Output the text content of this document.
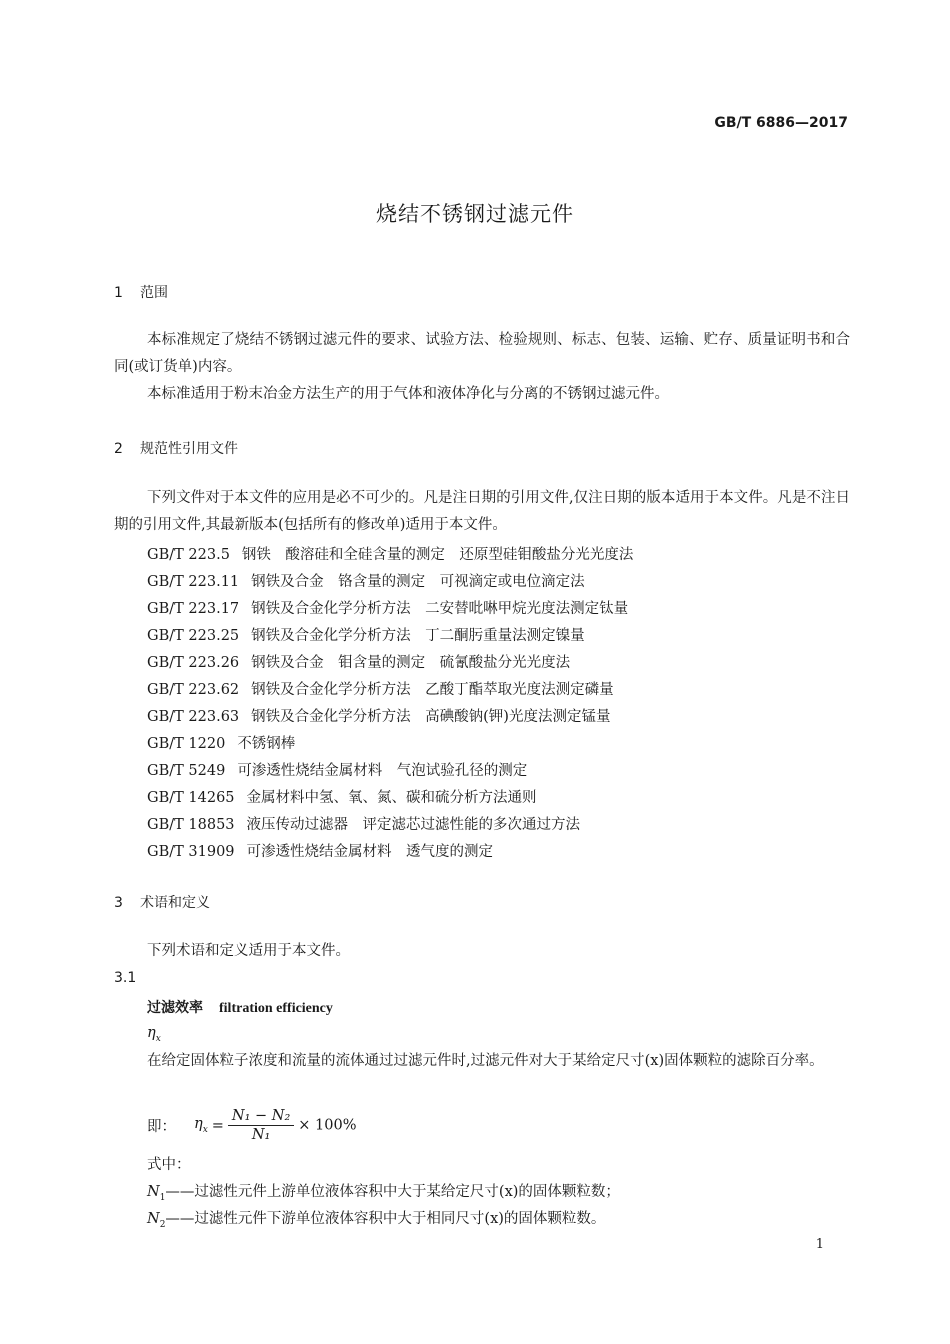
GB/T 6886—2017
烧结不锈钢过滤元件
1 范围
本标准规定了烧结不锈钢过滤元件的要求、试验方法、检验规则、标志、包装、运输、贮存、质量证明书和合同(或订货单)内容。
本标准适用于粉末冶金方法生产的用于气体和液体净化与分离的不锈钢过滤元件。
2 规范性引用文件
下列文件对于本文件的应用是必不可少的。凡是注日期的引用文件,仅注日期的版本适用于本文件。凡是不注日期的引用文件,其最新版本(包括所有的修改单)适用于本文件。
GB/T 223.5 钢铁　酸溶硅和全硅含量的测定　还原型硅钼酸盐分光光度法
GB/T 223.11 钢铁及合金　铬含量的测定　可视滴定或电位滴定法
GB/T 223.17 钢铁及合金化学分析方法　二安替吡啉甲烷光度法测定钛量
GB/T 223.25 钢铁及合金化学分析方法　丁二酮肟重量法测定镍量
GB/T 223.26 钢铁及合金　钼含量的测定　硫氰酸盐分光光度法
GB/T 223.62 钢铁及合金化学分析方法　乙酸丁酯萃取光度法测定磷量
GB/T 223.63 钢铁及合金化学分析方法　高碘酸钠(钾)光度法测定锰量
GB/T 1220 不锈钢棒
GB/T 5249 可渗透性烧结金属材料　气泡试验孔径的测定
GB/T 14265 金属材料中氢、氧、氮、碳和硫分析方法通则
GB/T 18853 液压传动过滤器　评定滤芯过滤性能的多次通过方法
GB/T 31909 可渗透性烧结金属材料　透气度的测定
3 术语和定义
下列术语和定义适用于本文件。
3.1
过滤效率 filtration efficiency
$\eta_x$
在给定固体粒子浓度和流量的流体通过过滤元件时,过滤元件对大于某给定尺寸(x)固体颗粒的滤除百分率。
即： $\eta_x = \frac{\text{N₁ − N₂}}{\text{N₁}} \times 100\%$
式中：
$N_1——$过滤性元件上游单位液体容积中大于某给定尺寸(x)的固体颗粒数；
$N_2——$过滤性元件下游单位液体容积中大于相同尺寸(x)的固体颗粒数。
1
